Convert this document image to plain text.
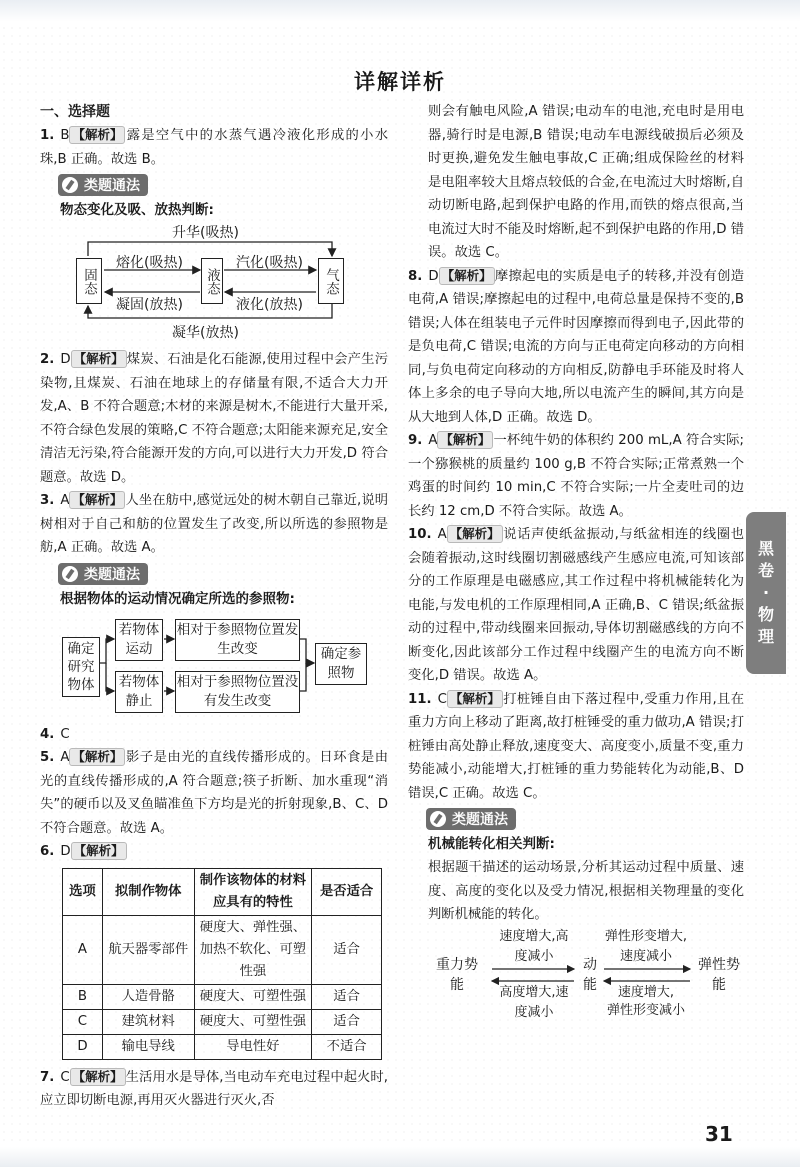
详解详析
一、选择题
1. B 【解析】 露是空气中的水蒸气遇冷液化形成的小水珠,B 正确。故选 B。
类题通法
物态变化及吸、放热判断:
升华(吸热)
固态	液态	气态
熔化(吸热)
凝固(放热)
汽化(吸热)
液化(放热)
凝华(放热)
2. D 【解析】 煤炭、石油是化石能源,使用过程中会产生污染物,且煤炭、石油在地球上的存储量有限,不适合大力开发,A、B 不符合题意;木材的来源是树木,不能进行大量开采,不符合绿色发展的策略,C 不符合题意;太阳能来源充足,安全清洁无污染,符合能源开发的方向,可以进行大力开发,D 符合题意。故选 D。
3. A 【解析】 人坐在舫中,感觉远处的树木朝自己靠近,说明树相对于自己和舫的位置发生了改变,所以所选的参照物是舫,A 正确。故选 A。
类题通法
根据物体的运动情况确定所选的参照物:
确定研究物体
若物体运动
若物体静止
相对于参照物位置发生改变
相对于参照物位置没有发生改变
确定参照物
4. C
5. A 【解析】 影子是由光的直线传播形成的。日环食是由光的直线传播形成的,A 符合题意;筷子折断、加水重现“消失”的硬币以及叉鱼瞄准鱼下方均是光的折射现象,B、C、D 不符合题意。故选 A。
6. D 【解析】
选项	拟制作物体	制作该物体的材料应具有的特性	是否适合
A	航天器零部件	硬度大、弹性强、加热不软化、可塑性强	适合
B	人造骨骼	硬度大、可塑性强	适合
C	建筑材料	硬度大、可塑性强	适合
D	输电导线	导电性好	不适合
7. C 【解析】 生活用水是导体,当电动车充电过程中起火时,应立即切断电源,再用灭火器进行灭火,否
则会有触电风险,A 错误;电动车的电池,充电时是用电器,骑行时是电源,B 错误;电动车电源线破损后必须及时更换,避免发生触电事故,C 正确;组成保险丝的材料是电阻率较大且熔点较低的合金,在电流过大时熔断,自动切断电路,起到保护电路的作用,而铁的熔点很高,当电流过大时不能及时熔断,起不到保护电路的作用,D 错误。故选 C。
8. D 【解析】 摩擦起电的实质是电子的转移,并没有创造电荷,A 错误;摩擦起电的过程中,电荷总量是保持不变的,B 错误;人体在组装电子元件时因摩擦而得到电子,因此带的是负电荷,C 错误;电流的方向与正电荷定向移动的方向相同,与负电荷定向移动的方向相反,防静电手环能及时将人体上多余的电子导向大地,所以电流产生的瞬间,其方向是从大地到人体,D 正确。故选 D。
9. A 【解析】 一杯纯牛奶的体积约 200 mL,A 符合实际;一个猕猴桃的质量约 100 g,B 不符合实际;正常煮熟一个鸡蛋的时间约 10 min,C 不符合实际;一片全麦吐司的边长约 12 cm,D 不符合实际。故选 A。
10. A 【解析】 说话声使纸盆振动,与纸盆相连的线圈也会随着振动,这时线圈切割磁感线产生感应电流,可知该部分的工作原理是电磁感应,其工作过程中将机械能转化为电能,与发电机的工作原理相同,A 正确,B、C 错误;纸盆振动的过程中,带动线圈来回振动,导体切割磁感线的方向不断变化,因此该部分工作过程中线圈产生的电流方向不断变化,D 错误。故选 A。
11. C 【解析】 打桩锤自由下落过程中,受重力作用,且在重力方向上移动了距离,故打桩锤受的重力做功,A 错误;打桩锤由高处静止释放,速度变大、高度变小,质量不变,重力势能减小,动能增大,打桩锤的重力势能转化为动能,B、D 错误,C 正确。故选 C。
类题通法
机械能转化相关判断:
根据题干描述的运动场景,分析其运动过程中质量、速度、高度的变化以及受力情况,根据相关物理量的变化判断机械能的转化。
重力势能
动能
弹性势能
速度增大,高度减小
高度增大,速度减小
弹性形变增大,
速度减小
速度增大,
弹性形变减小
黑
卷
·
物
理
31
